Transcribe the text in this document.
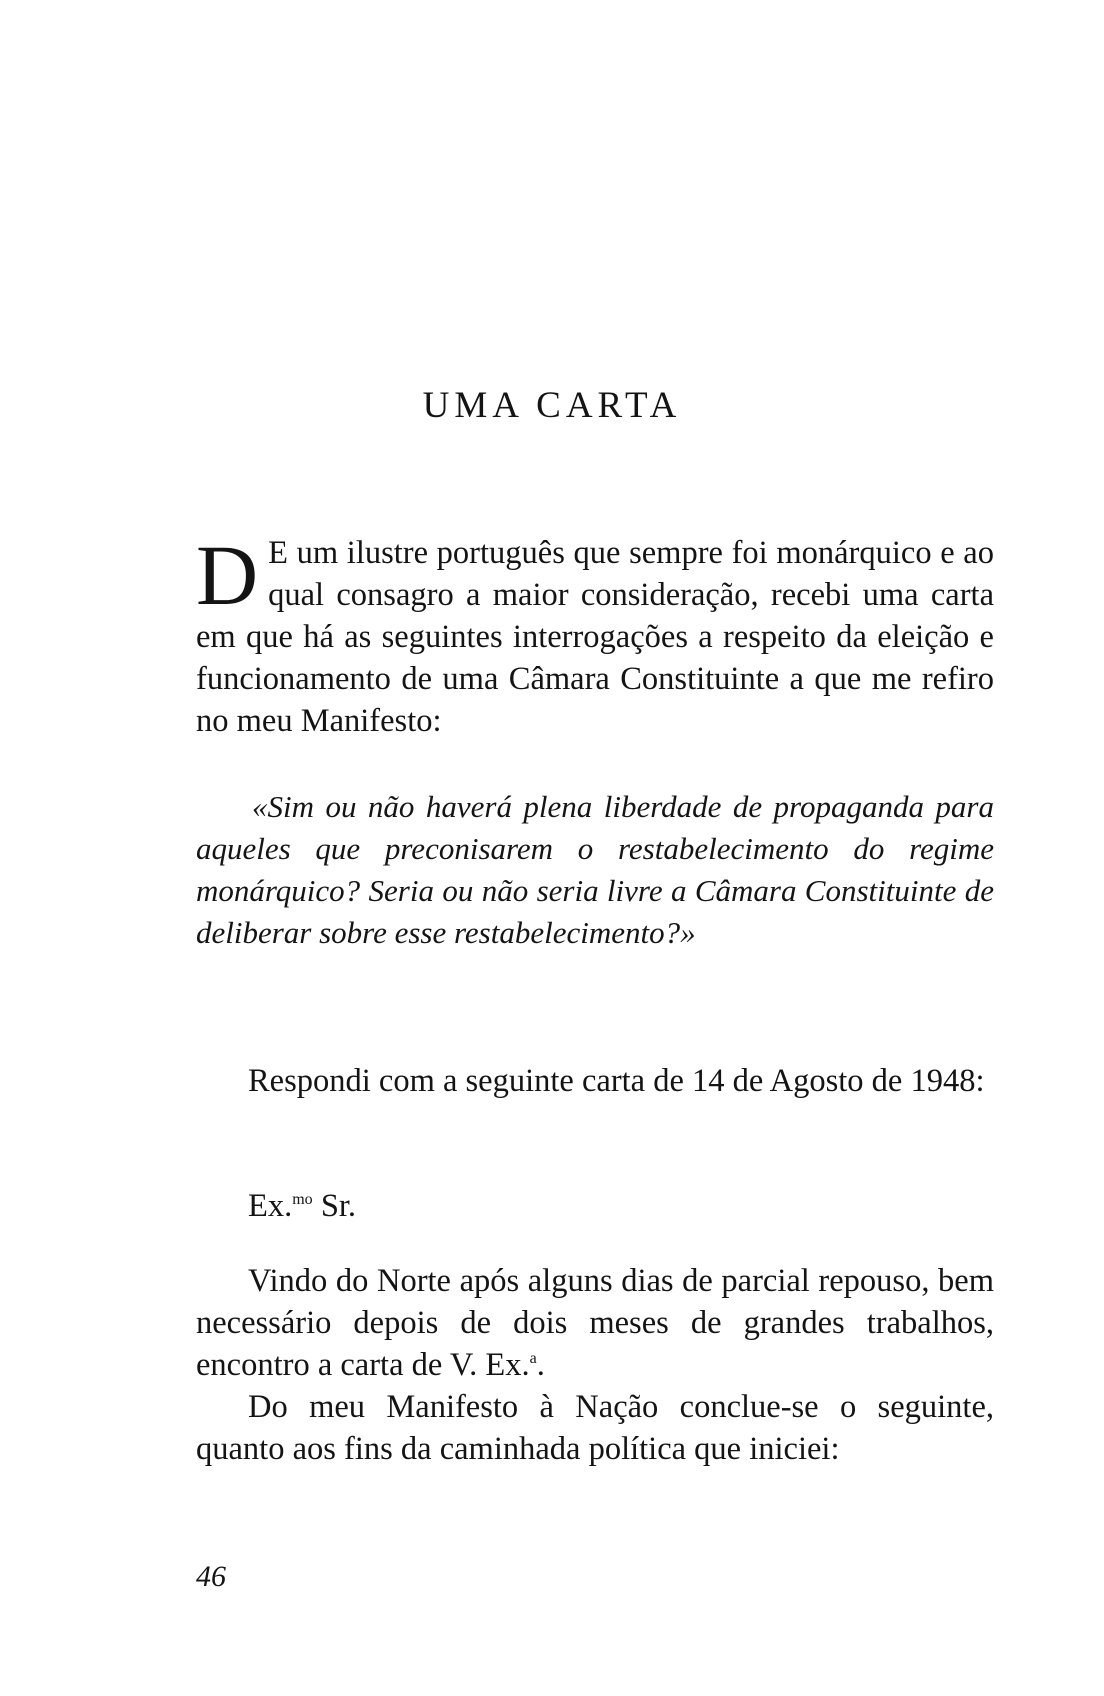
UMA CARTA
D E um ilustre português que sempre foi monárquico e ao qual consagro a maior consideração, recebi uma carta em que há as seguintes interrogações a respeito da eleição e funcionamento de uma Câmara Constituinte a que me refiro no meu Manifesto:
«Sim ou não haverá plena liberdade de propaganda para aqueles que preconisarem o restabelecimento do regime monárquico? Seria ou não seria livre a Câmara Constituinte de deliberar sobre esse restabelecimento?»
Respondi com a seguinte carta de 14 de Agosto de 1948:
Ex.$^{mo}$ Sr.
Vindo do Norte após alguns dias de parcial repouso, bem necessário depois de dois meses de grandes trabalhos, encontro a carta de V. Ex.$^a$.
Do meu Manifesto à Nação conclue-se o seguinte, quanto aos fins da caminhada política que iniciei:
46
